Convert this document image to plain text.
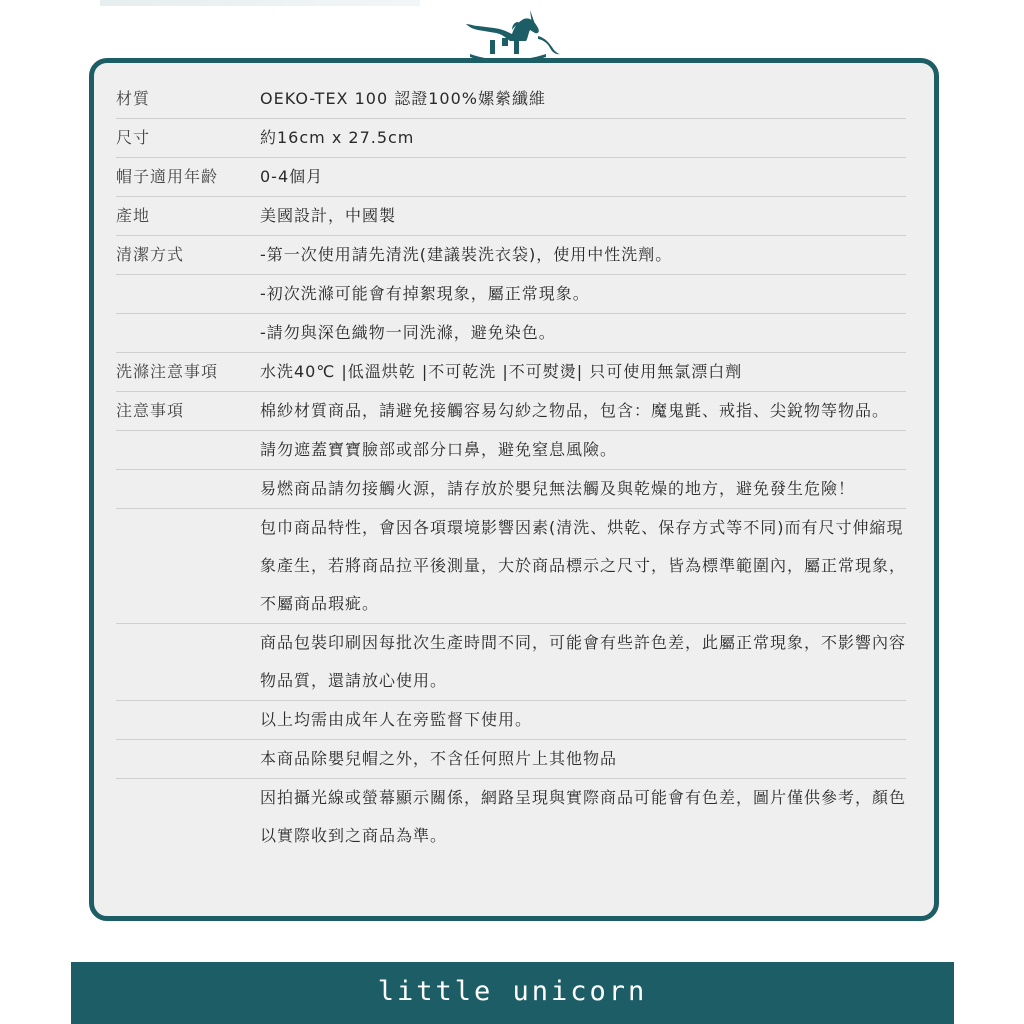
材質	OEKO-TEX 100 認證100%嫘縈纖維
尺寸	約16cm x 27.5cm
帽子適用年齡	0-4個月
產地	美國設計，中國製
清潔方式	-第一次使用請先清洗(建議裝洗衣袋)，使用中性洗劑。
-初次洗滌可能會有掉絮現象，屬正常現象。
-請勿與深色織物一同洗滌，避免染色。
洗滌注意事項	水洗40℃ |低溫烘乾 |不可乾洗 |不可熨燙| 只可使用無氯漂白劑
注意事項	棉紗材質商品，請避免接觸容易勾紗之物品，包含：魔鬼氈、戒指、尖銳物等物品。
請勿遮蓋寶寶臉部或部分口鼻，避免窒息風險。
易燃商品請勿接觸火源，請存放於嬰兒無法觸及與乾燥的地方，避免發生危險！
包巾商品特性，會因各項環境影響因素(清洗、烘乾、保存方式等不同)而有尺寸伸縮現象產生，若將商品拉平後測量，大於商品標示之尺寸，皆為標準範圍內，屬正常現象，不屬商品瑕疵。
商品包裝印刷因每批次生產時間不同，可能會有些許色差，此屬正常現象，不影響內容物品質，還請放心使用。
以上均需由成年人在旁監督下使用。
本商品除嬰兒帽之外，不含任何照片上其他物品
因拍攝光線或螢幕顯示關係，網路呈現與實際商品可能會有色差，圖片僅供參考，顏色以實際收到之商品為準。
little unicorn
